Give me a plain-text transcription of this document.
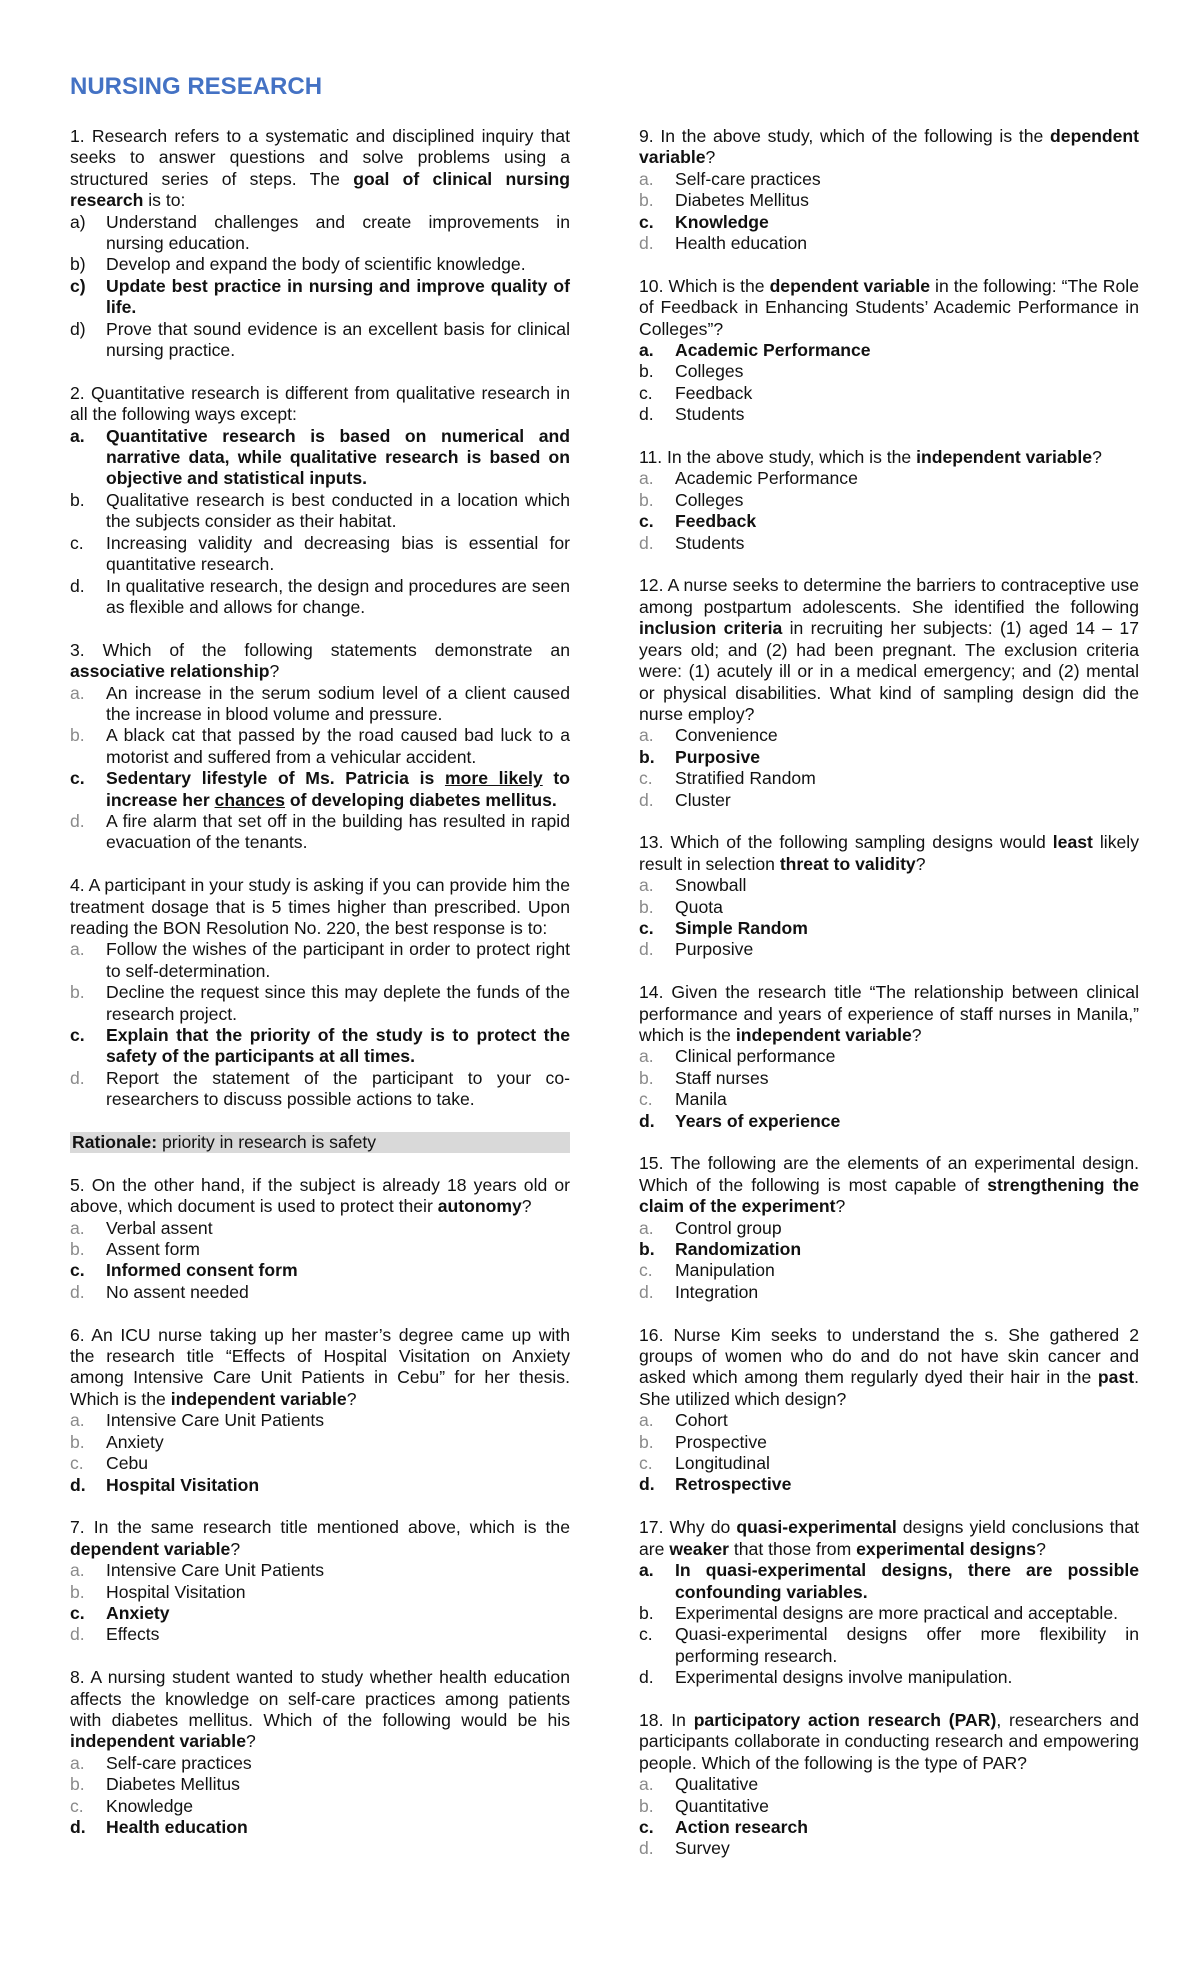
NURSING RESEARCH

1. Research refers to a systematic and disciplined inquiry that seeks to answer questions and solve problems using a structured series of steps. The goal of clinical nursing research is to:

a) Understand challenges and create improvements in nursing education.
b) Develop and expand the body of scientific knowledge.
c) Update best practice in nursing and improve quality of life.
d) Prove that sound evidence is an excellent basis for clinical nursing practice.

2. Quantitative research is different from qualitative research in all the following ways except:

a. Quantitative research is based on numerical and narrative data, while qualitative research is based on objective and statistical inputs.
b. Qualitative research is best conducted in a location which the subjects consider as their habitat.
c. Increasing validity and decreasing bias is essential for quantitative research.
d. In qualitative research, the design and procedures are seen as flexible and allows for change.

3. Which of the following statements demonstrate an associative relationship?

a. An increase in the serum sodium level of a client caused the increase in blood volume and pressure.
b. A black cat that passed by the road caused bad luck to a motorist and suffered from a vehicular accident.
c. Sedentary lifestyle of Ms. Patricia is more likely to increase her chances of developing diabetes mellitus.
d. A fire alarm that set off in the building has resulted in rapid evacuation of the tenants.

4. A participant in your study is asking if you can provide him the treatment dosage that is 5 times higher than prescribed. Upon reading the BON Resolution No. 220, the best response is to:

a. Follow the wishes of the participant in order to protect right to self-determination.
b. Decline the request since this may deplete the funds of the research project.
c. Explain that the priority of the study is to protect the safety of the participants at all times.
d. Report the statement of the participant to your co-researchers to discuss possible actions to take.
Rationale: priority in research is safety

5. On the other hand, if the subject is already 18 years old or above, which document is used to protect their autonomy?

a. Verbal assent
b. Assent form
c. Informed consent form
d. No assent needed

6. An ICU nurse taking up her master’s degree came up with the research title “Effects of Hospital Visitation on Anxiety among Intensive Care Unit Patients in Cebu” for her thesis. Which is the independent variable?

a. Intensive Care Unit Patients
b. Anxiety
c. Cebu
d. Hospital Visitation

7. In the same research title mentioned above, which is the dependent variable?

a. Intensive Care Unit Patients
b. Hospital Visitation
c. Anxiety
d. Effects

8. A nursing student wanted to study whether health education affects the knowledge on self-care practices among patients with diabetes mellitus. Which of the following would be his independent variable?

a. Self-care practices
b. Diabetes Mellitus
c. Knowledge
d. Health education

9. In the above study, which of the following is the dependent variable?

a. Self-care practices
b. Diabetes Mellitus
c. Knowledge
d. Health education

10. Which is the dependent variable in the following: “The Role of Feedback in Enhancing Students’ Academic Performance in Colleges”?

a. Academic Performance
b. Colleges
c. Feedback
d. Students

11. In the above study, which is the independent variable?

a. Academic Performance
b. Colleges
c. Feedback
d. Students

12. A nurse seeks to determine the barriers to contraceptive use among postpartum adolescents. She identified the following inclusion criteria in recruiting her subjects: (1) aged 14 – 17 years old; and (2) had been pregnant. The exclusion criteria were: (1) acutely ill or in a medical emergency; and (2) mental or physical disabilities. What kind of sampling design did the nurse employ?

a. Convenience
b. Purposive
c. Stratified Random
d. Cluster

13. Which of the following sampling designs would least likely result in selection threat to validity?

a. Snowball
b. Quota
c. Simple Random
d. Purposive

14. Given the research title “The relationship between clinical performance and years of experience of staff nurses in Manila,” which is the independent variable?

a. Clinical performance
b. Staff nurses
c. Manila
d. Years of experience

15. The following are the elements of an experimental design. Which of the following is most capable of strengthening the claim of the experiment?

a. Control group
b. Randomization
c. Manipulation
d. Integration

16. Nurse Kim seeks to understand the s. She gathered 2 groups of women who do and do not have skin cancer and asked which among them regularly dyed their hair in the past. She utilized which design?

a. Cohort
b. Prospective
c. Longitudinal
d. Retrospective

17. Why do quasi-experimental designs yield conclusions that are weaker that those from experimental designs?

a. In quasi-experimental designs, there are possible confounding variables.
b. Experimental designs are more practical and acceptable.
c. Quasi-experimental designs offer more flexibility in performing research.
d. Experimental designs involve manipulation.

18. In participatory action research (PAR), researchers and participants collaborate in conducting research and empowering people. Which of the following is the type of PAR?

a. Qualitative
b. Quantitative
c. Action research
d. Survey
